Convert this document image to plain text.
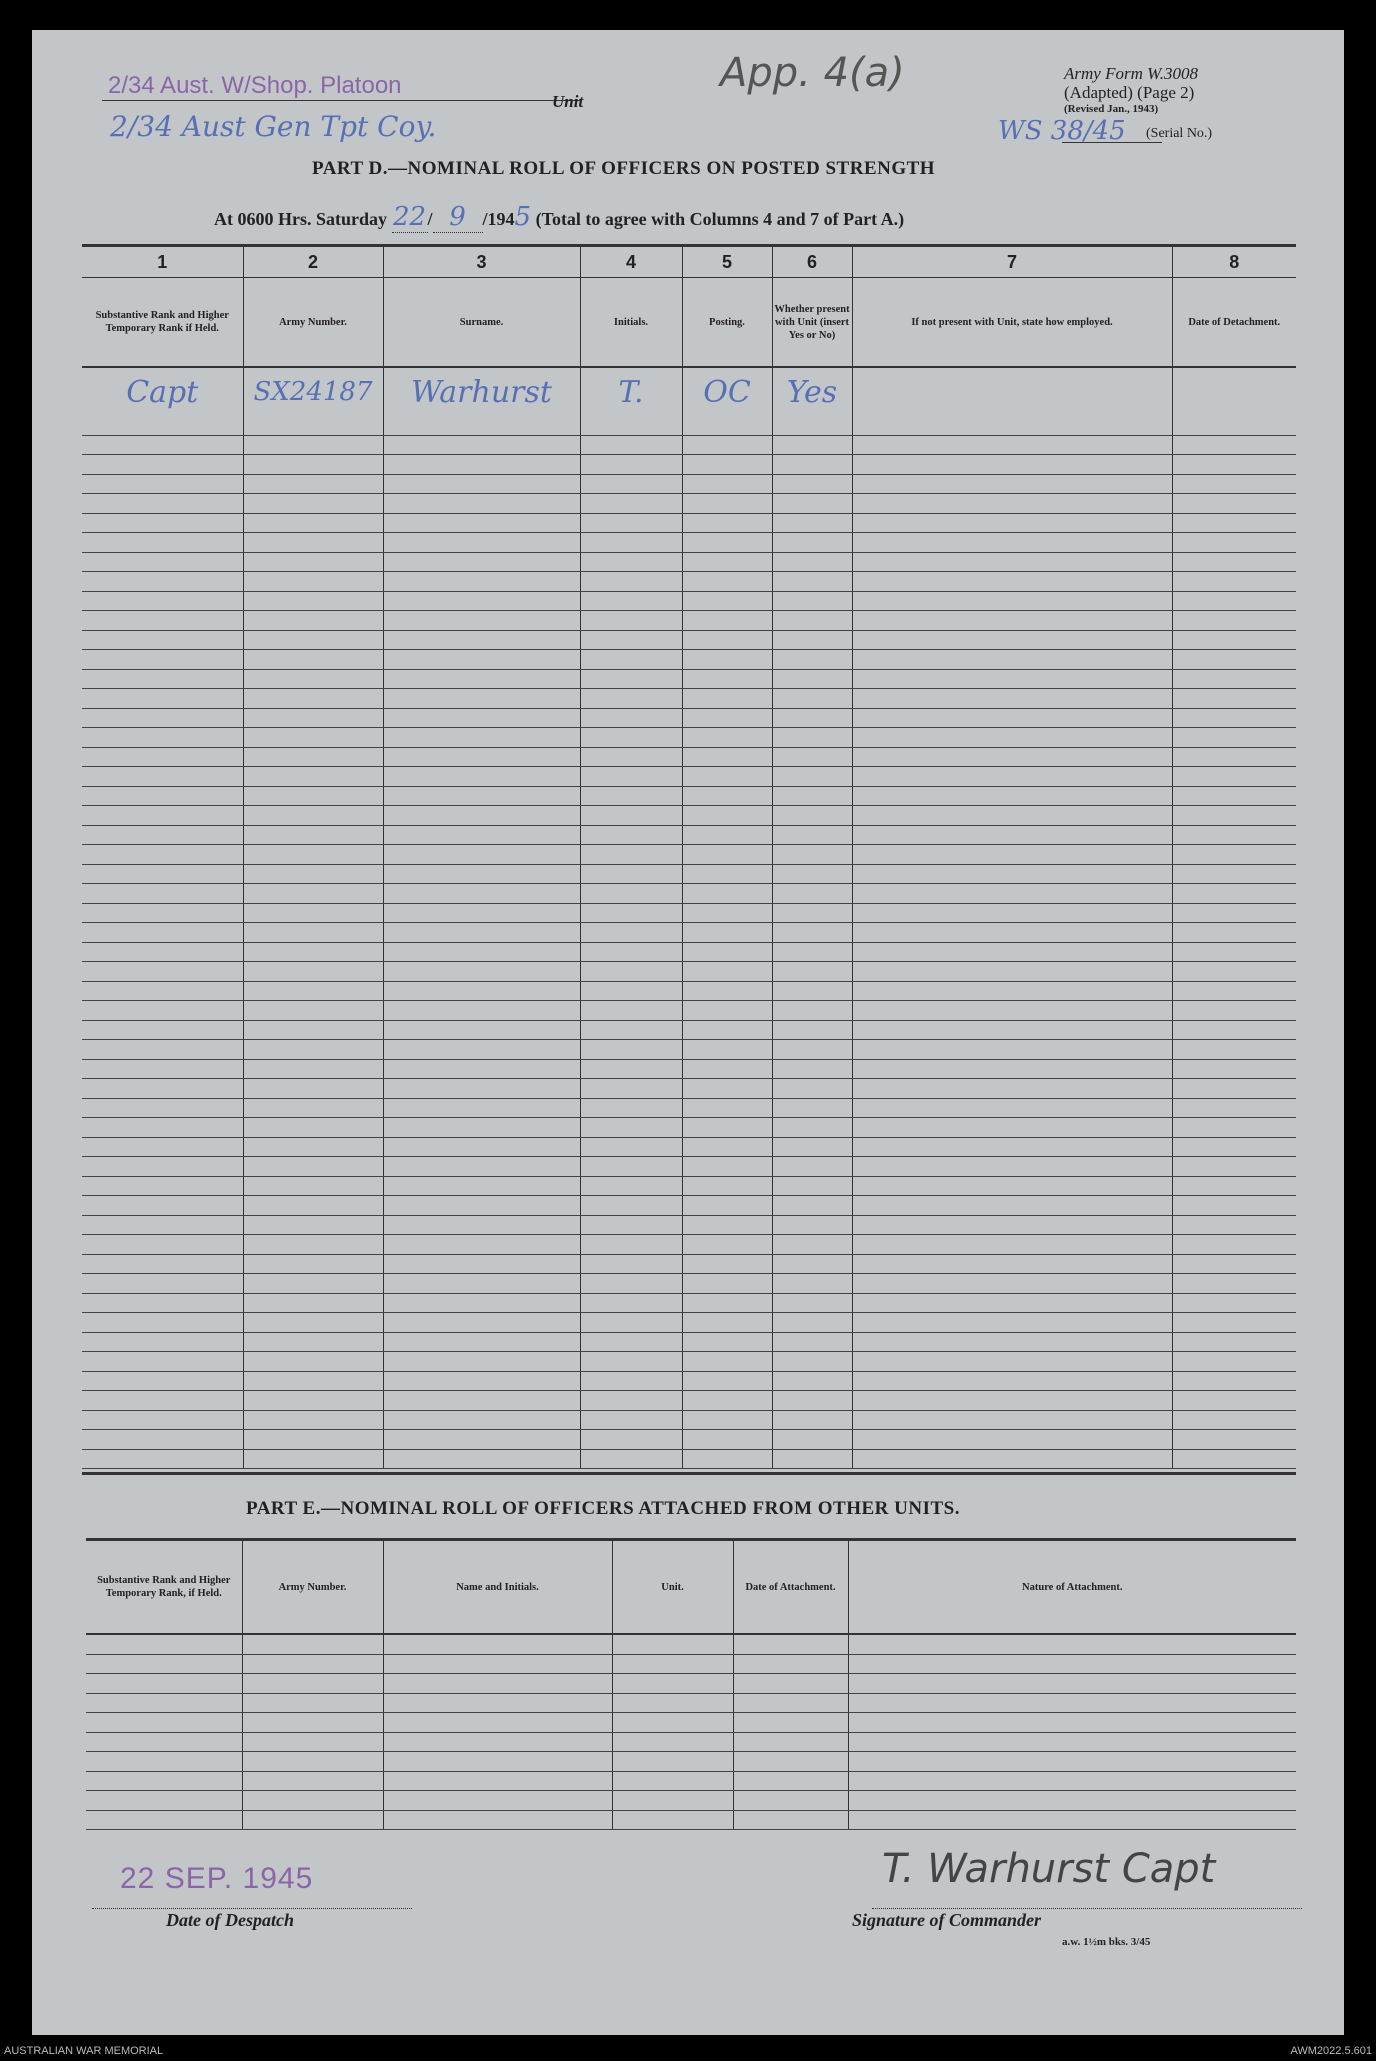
2/34 Aust. W/Shop. Platoon
Unit
2/34 Aust Gen Tpt Coy.
App. 4(a)	Army Form W.3008
(Adapted) (Page 2)
(Revised Jan., 1943)
WS 38/45 (Serial No.)
PART D.—NOMINAL ROLL OF OFFICERS ON POSTED STRENGTH
At 0600 Hrs. Saturday 22/ 9 /1945 (Total to agree with Columns 4 and 7 of Part A.)
1	2	3	4	5	6	7	8
Substantive Rank and Higher Temporary Rank if Held.	Army Number.	Surname.	Initials.	Posting.	Whether present with Unit (insert Yes or No)	If not present with Unit, state how employed.	Date of Detachment.
Capt	SX24187	Warhurst	T.	OC	Yes		

PART E.—NOMINAL ROLL OF OFFICERS ATTACHED FROM OTHER UNITS.
Substantive Rank and Higher Temporary Rank, if Held.	Army Number.	Name and Initials.	Unit.	Date of Attachment.	Nature of Attachment.

22 SEP. 1945
Date of Despatch
T. Warhurst Capt
Signature of Commander
a.w. 1½m bks. 3/45
AUSTRALIAN WAR MEMORIAL	AWM2022.5.601
